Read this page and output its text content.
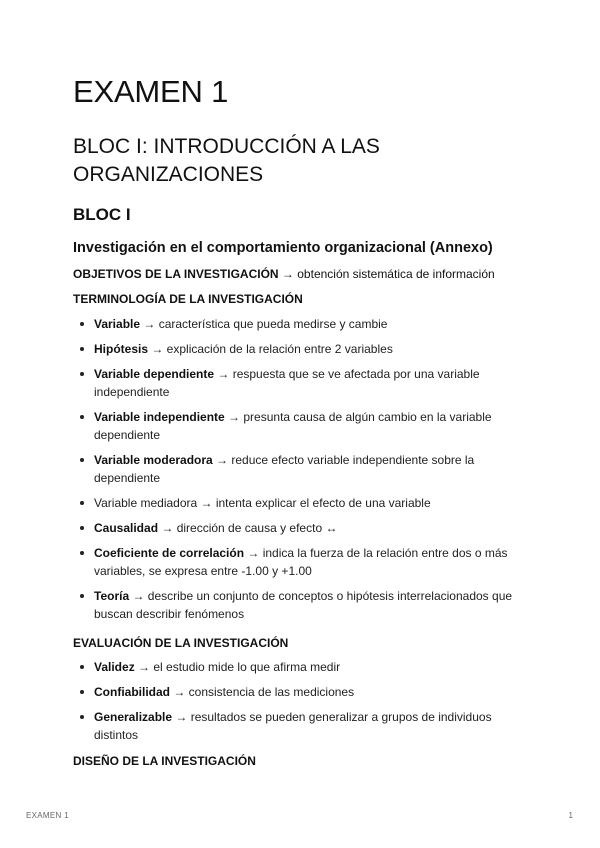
EXAMEN 1
BLOC I: INTRODUCCIÓN A LAS ORGANIZACIONES
BLOC I
Investigación en el comportamiento organizacional (Annexo)

OBJETIVOS DE LA INVESTIGACIÓN → obtención sistemática de información

TERMINOLOGÍA DE LA INVESTIGACIÓN

Variable → característica que pueda medirse y cambie
Hipótesis → explicación de la relación entre 2 variables
Variable dependiente → respuesta que se ve afectada por una variable
independiente
Variable independiente → presunta causa de algún cambio en la variable
dependiente
Variable moderadora → reduce efecto variable independiente sobre la
dependiente
Variable mediadora → intenta explicar el efecto de una variable
Causalidad → dirección de causa y efecto ↔
Coeficiente de correlación → indica la fuerza de la relación entre dos o más
variables, se expresa entre -1.00 y +1.00
Teoría → describe un conjunto de conceptos o hipótesis interrelacionados que
buscan describir fenómenos

EVALUACIÓN DE LA INVESTIGACIÓN

Validez → el estudio mide lo que afirma medir
Confiabilidad → consistencia de las mediciones
Generalizable → resultados se pueden generalizar a grupos de individuos
distintos

DISEÑO DE LA INVESTIGACIÓN

EXAMEN 1	1
